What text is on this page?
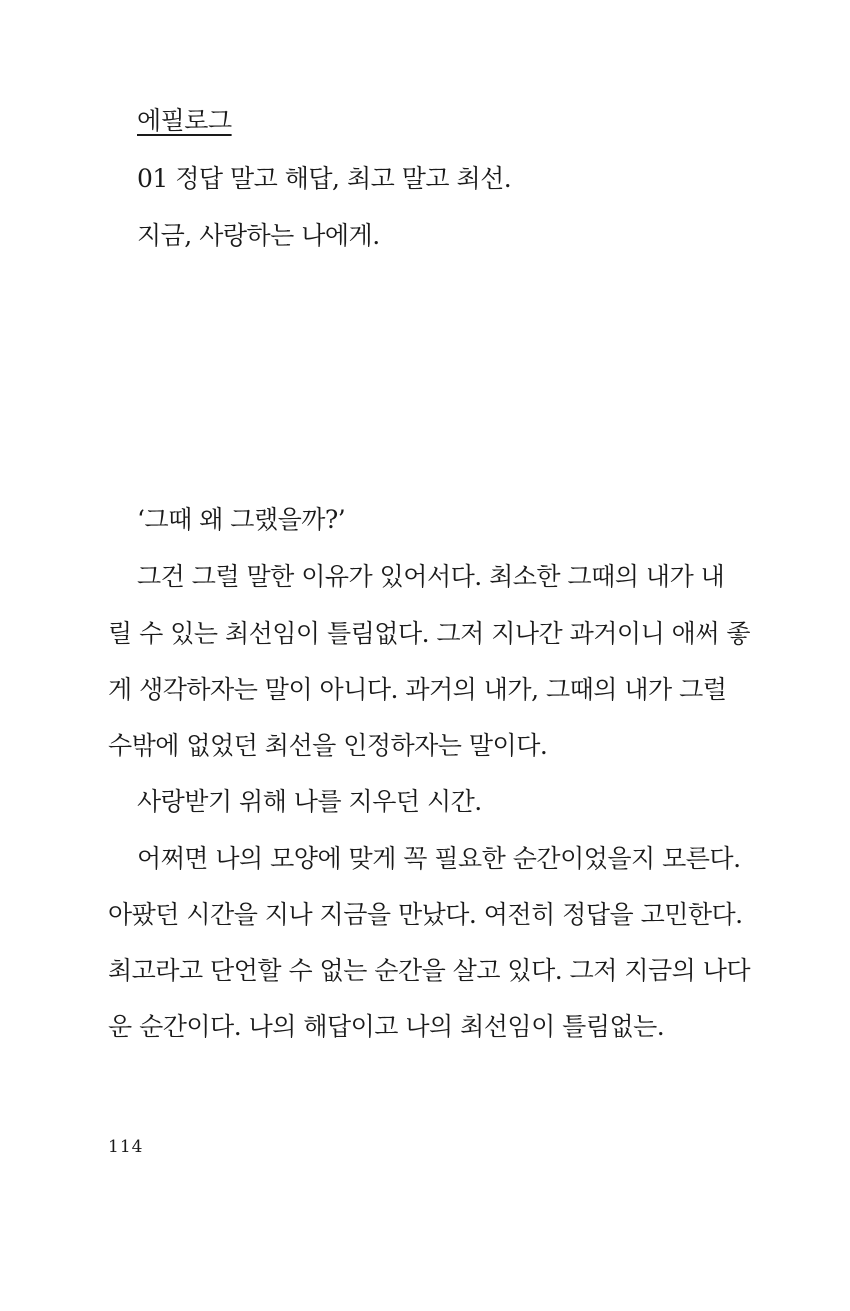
에필로그
01 정답 말고 해답, 최고 말고 최선.
지금, 사랑하는 나에게.
‘그때 왜 그랬을까?’
그건 그럴 말한 이유가 있어서다. 최소한 그때의 내가 내
릴 수 있는 최선임이 틀림없다. 그저 지나간 과거이니 애써 좋
게 생각하자는 말이 아니다. 과거의 내가, 그때의 내가 그럴
수밖에 없었던 최선을 인정하자는 말이다.
사랑받기 위해 나를 지우던 시간.
어쩌면 나의 모양에 맞게 꼭 필요한 순간이었을지 모른다.
아팠던 시간을 지나 지금을 만났다. 여전히 정답을 고민한다.
최고라고 단언할 수 없는 순간을 살고 있다. 그저 지금의 나다
운 순간이다. 나의 해답이고 나의 최선임이 틀림없는.
114
